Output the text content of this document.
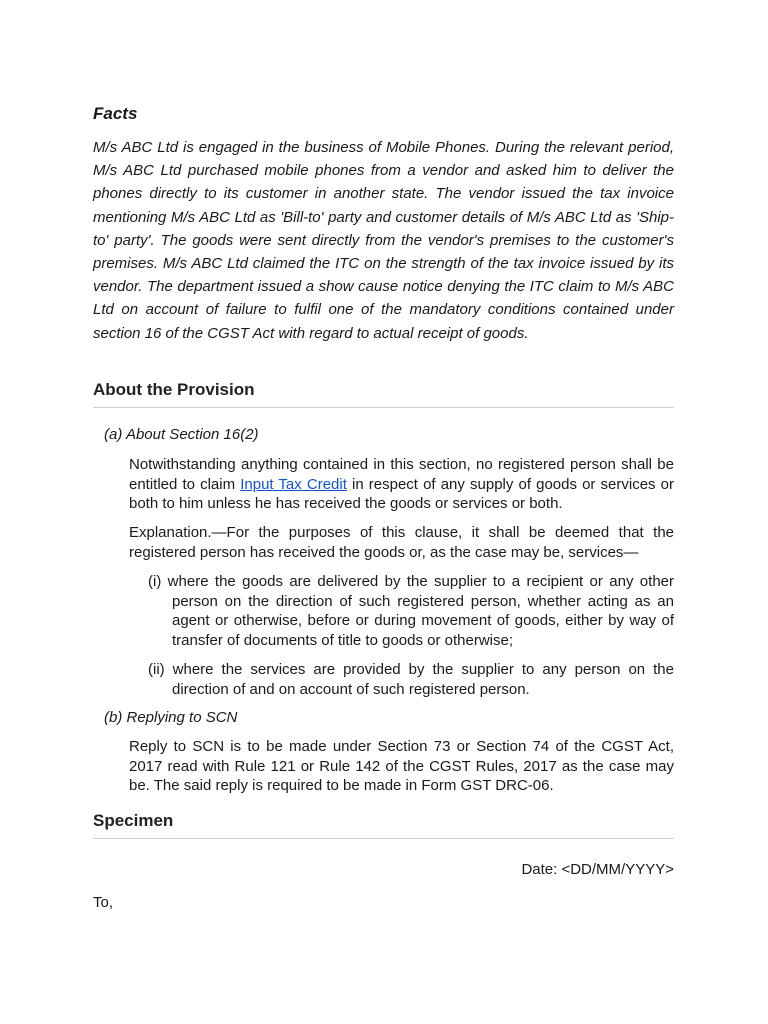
Facts

M/s ABC Ltd is engaged in the business of Mobile Phones. During the relevant period, M/s ABC Ltd purchased mobile phones from a vendor and asked him to deliver the phones directly to its customer in another state. The vendor issued the tax invoice mentioning M/s ABC Ltd as 'Bill-to' party and customer details of M/s ABC Ltd as 'Ship-to' party'. The goods were sent directly from the vendor's premises to the customer's premises. M/s ABC Ltd claimed the ITC on the strength of the tax invoice issued by its vendor. The department issued a show cause notice denying the ITC claim to M/s ABC Ltd on account of failure to fulfil one of the mandatory conditions contained under section 16 of the CGST Act with regard to actual receipt of goods.

About the Provision

(a) About Section 16(2)

Notwithstanding anything contained in this section, no registered person shall be entitled to claim Input Tax Credit in respect of any supply of goods or services or both to him unless he has received the goods or services or both.

Explanation.—For the purposes of this clause, it shall be deemed that the registered person has received the goods or, as the case may be, services—

(i) where the goods are delivered by the supplier to a recipient or any other person on the direction of such registered person, whether acting as an agent or otherwise, before or during movement of goods, either by way of transfer of documents of title to goods or otherwise;

(ii) where the services are provided by the supplier to any person on the direction of and on account of such registered person.

(b) Replying to SCN

Reply to SCN is to be made under Section 73 or Section 74 of the CGST Act, 2017 read with Rule 121 or Rule 142 of the CGST Rules, 2017 as the case may be. The said reply is required to be made in Form GST DRC-06.

Specimen

Date: <DD/MM/YYYY>

To,
